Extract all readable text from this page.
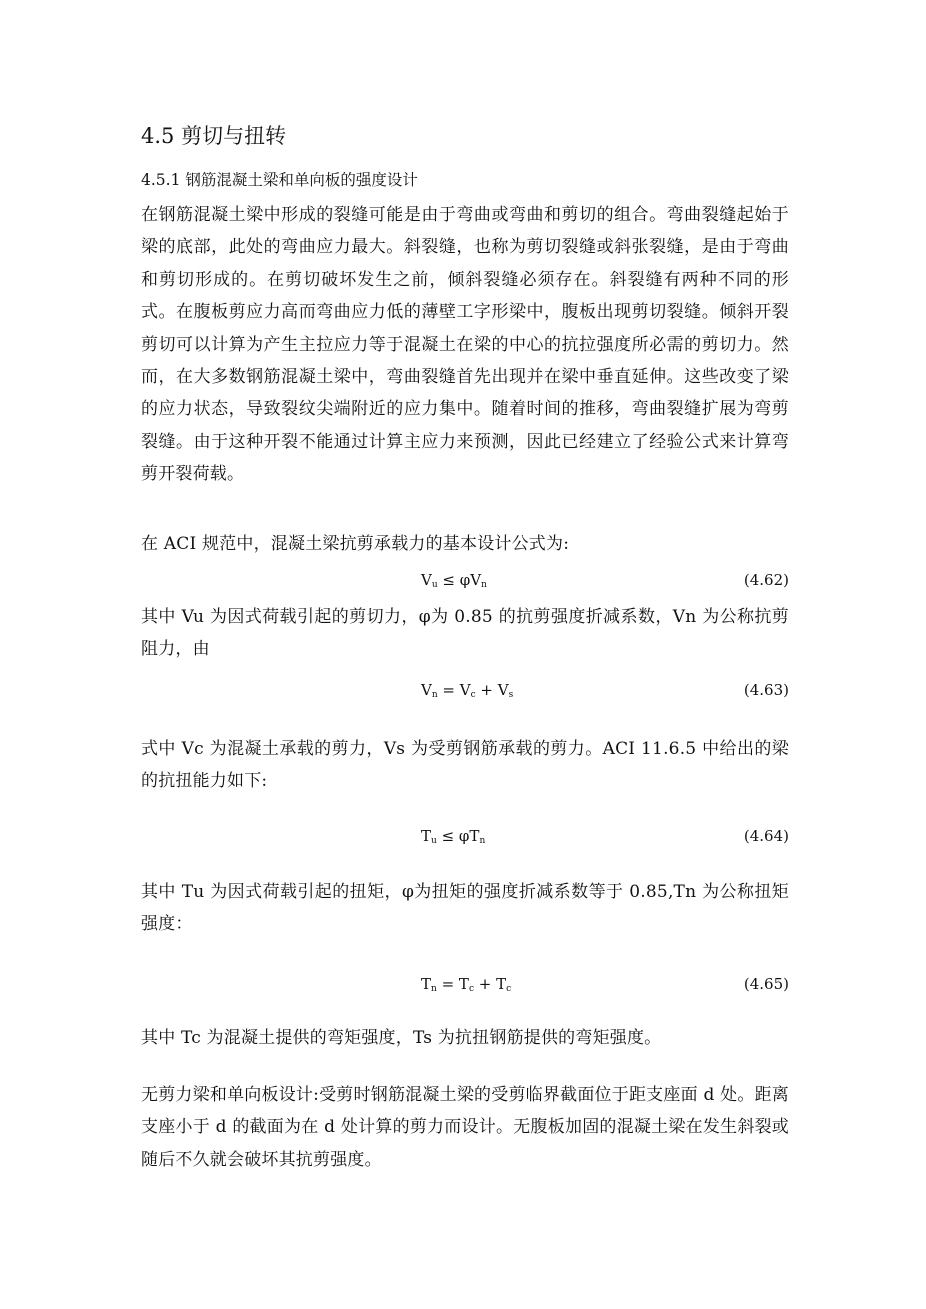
4.5 剪切与扭转
4.5.1 钢筋混凝土梁和单向板的强度设计

在钢筋混凝土梁中形成的裂缝可能是由于弯曲或弯曲和剪切的组合。弯曲裂缝起始于梁的底部，此处的弯曲应力最大。斜裂缝，也称为剪切裂缝或斜张裂缝，是由于弯曲和剪切形成的。在剪切破坏发生之前，倾斜裂缝必须存在。斜裂缝有两种不同的形式。在腹板剪应力高而弯曲应力低的薄壁工字形梁中，腹板出现剪切裂缝。倾斜开裂剪切可以计算为产生主拉应力等于混凝土在梁的中心的抗拉强度所必需的剪切力。然而，在大多数钢筋混凝土梁中，弯曲裂缝首先出现并在梁中垂直延伸。这些改变了梁的应力状态，导致裂纹尖端附近的应力集中。随着时间的推移，弯曲裂缝扩展为弯剪裂缝。由于这种开裂不能通过计算主应力来预测，因此已经建立了经验公式来计算弯剪开裂荷载。

在 ACI 规范中，混凝土梁抗剪承载力的基本设计公式为:

$V_u \le \varphi V_n$	(4.62)

其中 Vu 为因式荷载引起的剪切力，φ为 0.85 的抗剪强度折减系数，Vn 为公称抗剪阻力，由

$V_n = V_c + V_s$	(4.63)

式中 Vc 为混凝土承载的剪力，Vs 为受剪钢筋承载的剪力。ACI 11.6.5 中给出的梁的抗扭能力如下:

$T_u \le \varphi T_n$	(4.64)

其中 Tu 为因式荷载引起的扭矩，φ为扭矩的强度折减系数等于 0.85,Tn 为公称扭矩强度：

$T_n = T_c + T_c$	(4.65)

其中 Tc 为混凝土提供的弯矩强度，Ts 为抗扭钢筋提供的弯矩强度。

无剪力梁和单向板设计:受剪时钢筋混凝土梁的受剪临界截面位于距支座面 d 处。距离支座小于 d 的截面为在 d 处计算的剪力而设计。无腹板加固的混凝土梁在发生斜裂或随后不久就会破坏其抗剪强度。
